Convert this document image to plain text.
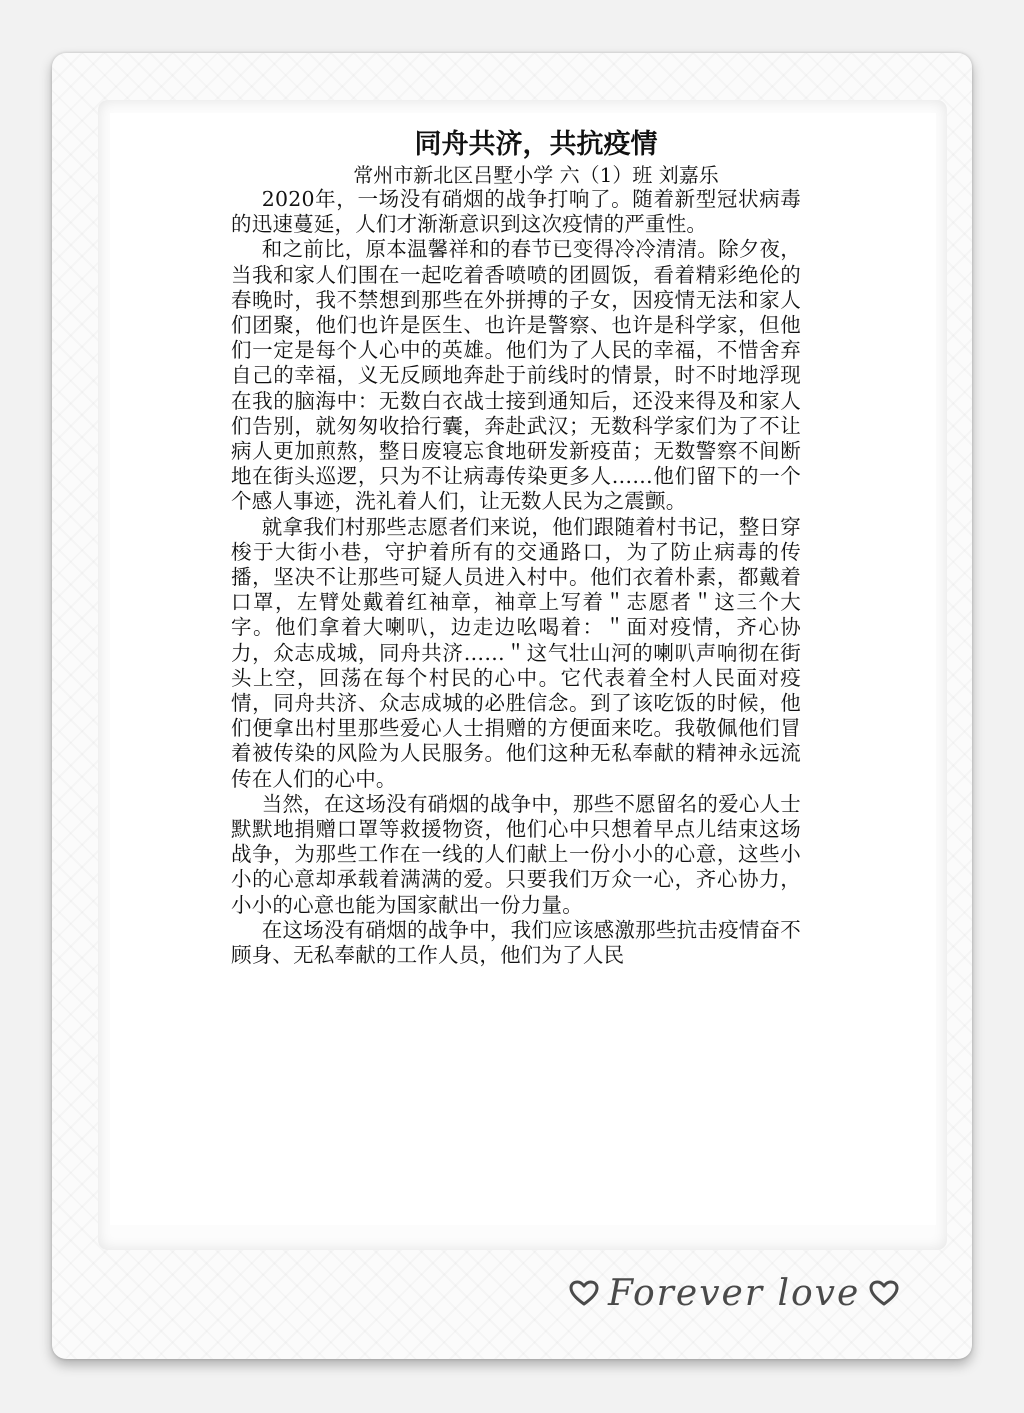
同舟共济，共抗疫情

常州市新北区吕墅小学 六（1）班 刘嘉乐

2020年，一场没有硝烟的战争打响了。随着新型冠状病毒的迅速蔓延，人们才渐渐意识到这次疫情的严重性。

和之前比，原本温馨祥和的春节已变得冷冷清清。除夕夜，当我和家人们围在一起吃着香喷喷的团圆饭，看着精彩绝伦的春晚时，我不禁想到那些在外拼搏的子女，因疫情无法和家人们团聚，他们也许是医生、也许是警察、也许是科学家，但他们一定是每个人心中的英雄。他们为了人民的幸福，不惜舍弃自己的幸福，义无反顾地奔赴于前线时的情景，时不时地浮现在我的脑海中：无数白衣战士接到通知后，还没来得及和家人们告别，就匆匆收拾行囊，奔赴武汉；无数科学家们为了不让病人更加煎熬，整日废寝忘食地研发新疫苗；无数警察不间断地在街头巡逻，只为不让病毒传染更多人……他们留下的一个个感人事迹，洗礼着人们，让无数人民为之震颤。

就拿我们村那些志愿者们来说，他们跟随着村书记，整日穿梭于大街小巷，守护着所有的交通路口，为了防止病毒的传播，坚决不让那些可疑人员进入村中。他们衣着朴素，都戴着口罩，左臂处戴着红袖章，袖章上写着＂志愿者＂这三个大字。他们拿着大喇叭，边走边吆喝着：＂面对疫情，齐心协力，众志成城，同舟共济……＂这气壮山河的喇叭声响彻在街头上空，回荡在每个村民的心中。它代表着全村人民面对疫情，同舟共济、众志成城的必胜信念。到了该吃饭的时候，他们便拿出村里那些爱心人士捐赠的方便面来吃。我敬佩他们冒着被传染的风险为人民服务。他们这种无私奉献的精神永远流传在人们的心中。

当然，在这场没有硝烟的战争中，那些不愿留名的爱心人士默默地捐赠口罩等救援物资，他们心中只想着早点儿结束这场战争，为那些工作在一线的人们献上一份小小的心意，这些小小的心意却承载着满满的爱。只要我们万众一心，齐心协力，小小的心意也能为国家献出一份力量。

在这场没有硝烟的战争中，我们应该感激那些抗击疫情奋不顾身、无私奉献的工作人员，他们为了人民

Forever love
